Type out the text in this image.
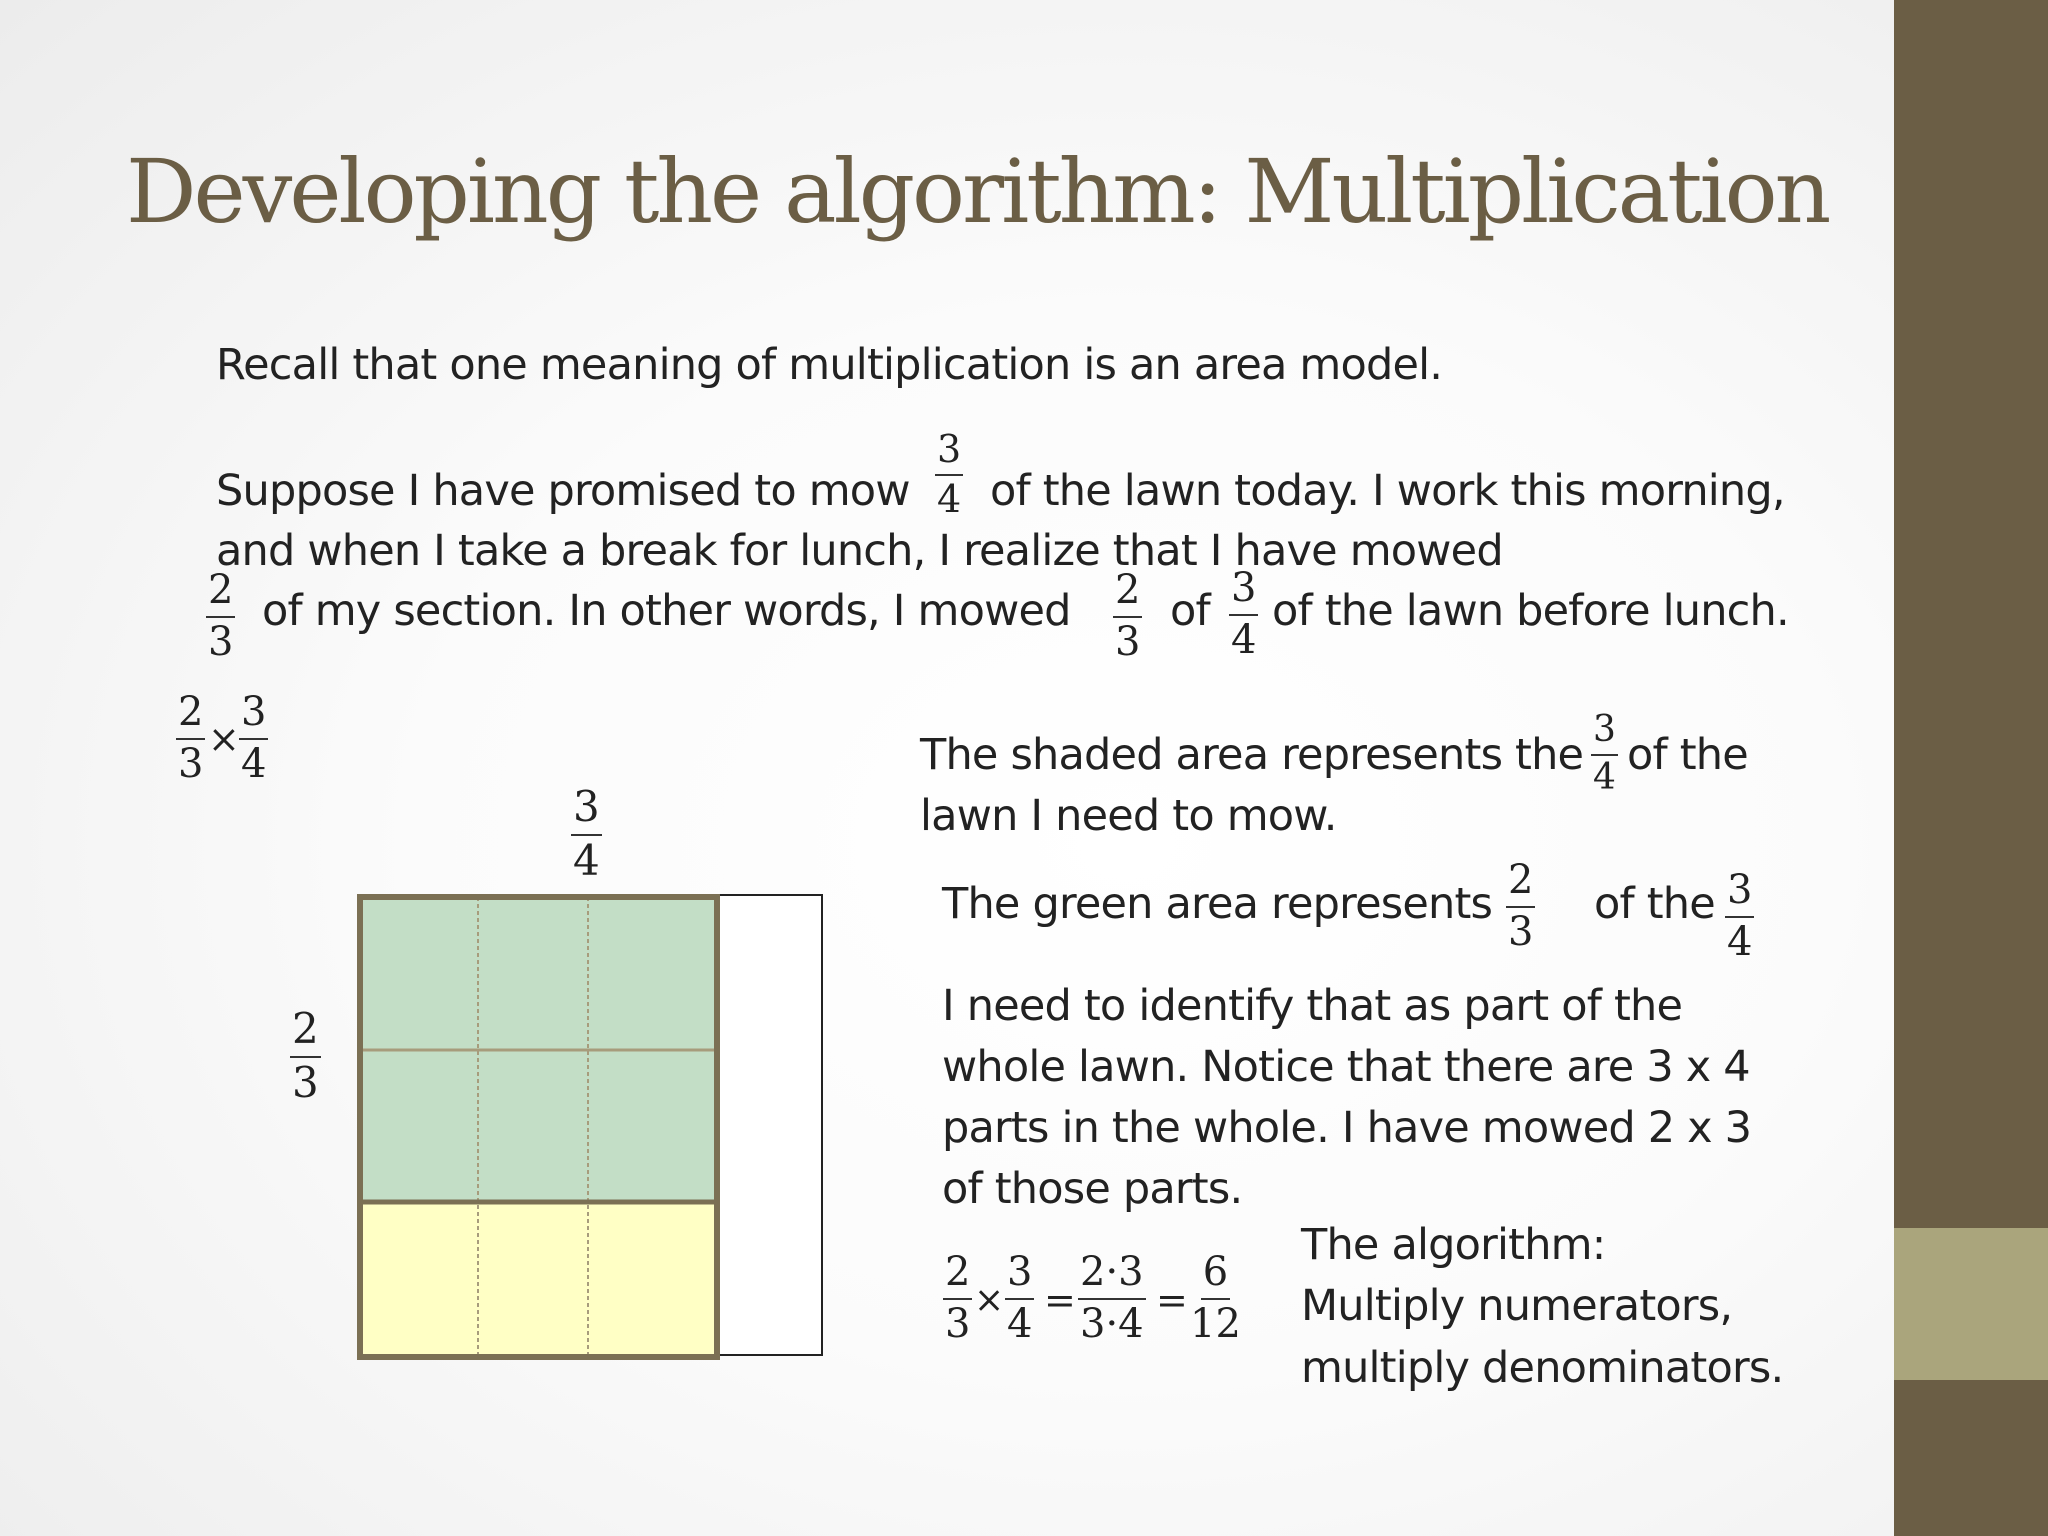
Developing the algorithm: Multiplication
Recall that one meaning of multiplication is an area model.
Suppose I have promised to mow $\frac{3}{4}$ of the lawn today. I work this morning,
and when I take a break for lunch, I realize that I have mowed
$\frac{2}{3}$ of my section. In other words, I mowed $\frac{2}{3}$ of $\frac{3}{4}$ of the lawn before lunch.
$\frac{2}{3} \times \frac{3}{4}$
$\frac{3}{4}$
$\frac{2}{3}$
The shaded area represents the $\frac{3}{4}$ of the
lawn I need to mow.
The green area represents $\frac{2}{3}$ of the $\frac{3}{4}$
I need to identify that as part of the
whole lawn. Notice that there are 3 x 4
parts in the whole. I have mowed 2 x 3
of those parts.
$\frac{2}{3} \times \frac{3}{4} = \frac{2\cdot 3}{3\cdot 4} = \frac{6}{12}$
The algorithm:
Multiply numerators,
multiply denominators.
